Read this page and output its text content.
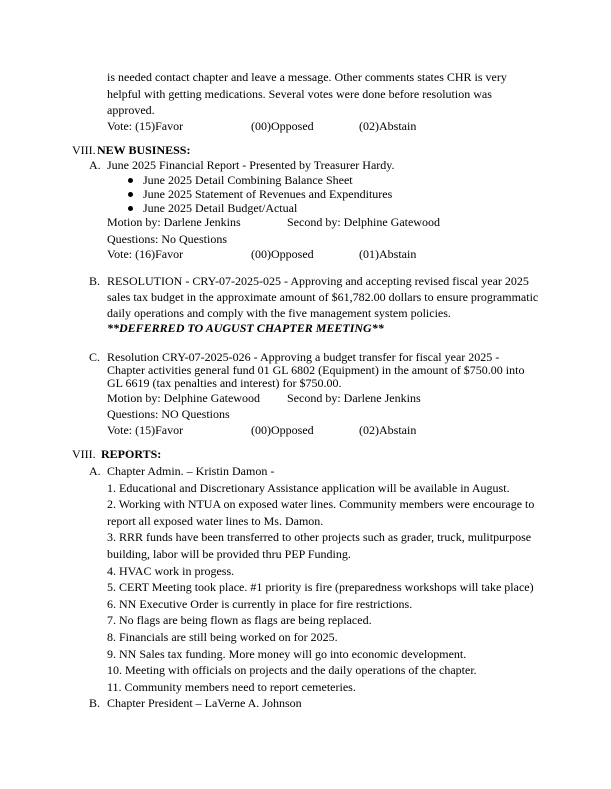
is needed contact chapter and leave a message. Other comments states CHR is very
helpful with getting medications. Several votes were done before resolution was
approved.
Vote: (15)Favor	(00)Opposed	(02)Abstain
VIII. NEW BUSINESS:
A. June 2025 Financial Report - Presented by Treasurer Hardy.
June 2025 Detail Combining Balance Sheet
June 2025 Statement of Revenues and Expenditures
June 2025 Detail Budget/Actual
Motion by: Darlene Jenkins	Second by: Delphine Gatewood
Questions: No Questions
Vote: (16)Favor	(00)Opposed	(01)Abstain
B. RESOLUTION - CRY-07-2025-025 - Approving and accepting revised fiscal year 2025
sales tax budget in the approximate amount of $61,782.00 dollars to ensure programmatic
daily operations and comply with the five management system policies.
**DEFERRED TO AUGUST CHAPTER MEETING**
C. Resolution CRY-07-2025-026 - Approving a budget transfer for fiscal year 2025 -
Chapter activities general fund 01 GL 6802 (Equipment) in the amount of $750.00 into
GL 6619 (tax penalties and interest) for $750.00.
Motion by: Delphine Gatewood Second by: Darlene Jenkins
Questions: NO Questions
Vote: (15)Favor	(00)Opposed	(02)Abstain
VIII. REPORTS:
A. Chapter Admin. – Kristin Damon -
1. Educational and Discretionary Assistance application will be available in August.
2. Working with NTUA on exposed water lines. Community members were encourage to
report all exposed water lines to Ms. Damon.
3. RRR funds have been transferred to other projects such as grader, truck, mulitpurpose
building, labor will be provided thru PEP Funding.
4. HVAC work in progess.
5. CERT Meeting took place. #1 priority is fire (preparedness workshops will take place)
6. NN Executive Order is currently in place for fire restrictions.
7. No flags are being flown as flags are being replaced.
8. Financials are still being worked on for 2025.
9. NN Sales tax funding. More money will go into economic development.
10. Meeting with officials on projects and the daily operations of the chapter.
11. Community members need to report cemeteries.
B. Chapter President – LaVerne A. Johnson
